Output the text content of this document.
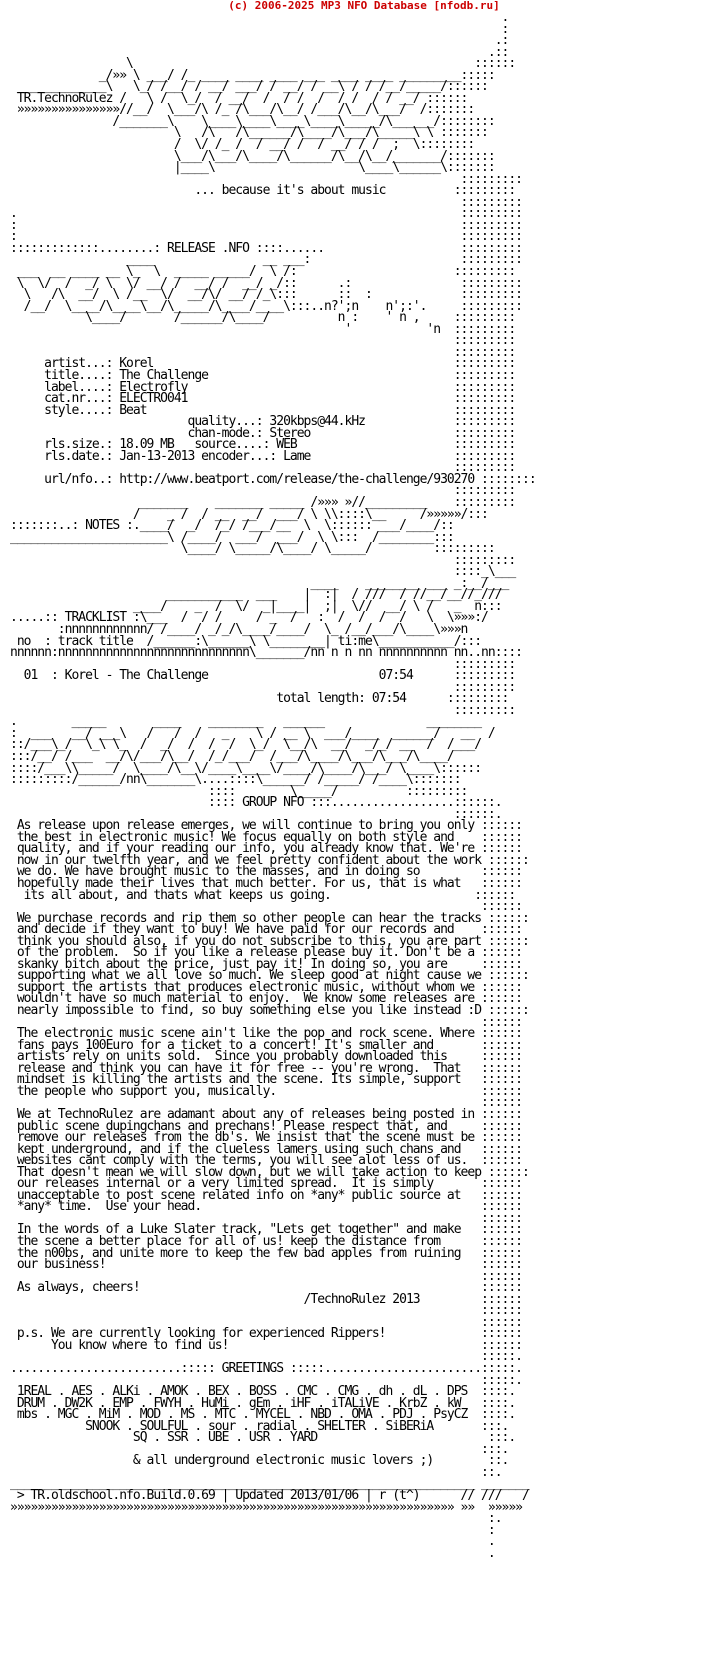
(c) 2006-2025 MP3 NFO Database [nfodb.ru]
.
:
.:
.::
\                                                  ::::::
_/»» \ ___/ /_ ____ ____ ____ ___ ____ ____ _________:::::
_____________\   \_/ /__/ / __/ ___/ / __/ / __\ / / /__/_____/::::::
TR.TechnoRulez /   \ /  \_/  / __/  /  / /  /  / /  / / __/ ::::::
»»»»»»»»»»»»»»»//__/  \___/\ /_ /\___/\__/ /___/\__/\___/  /:::::::
/_______\    \____\____\____\____\_____/\______/::::::::
\   /\   /\______/\____/\___/\_____\ \ :::::::
/  \/ /_ /  / __/ /  / __/ / /  ;  \::::::::
\___/\___/\____/\______/\__/\__/_______/:::::::
|____\                     \____\______\:::::::
:::::::::
... because it's about music          :::::::::
:::::::::
.                                                                 :::::::::
:                                                                 :::::::::
:                                                                 :::::::::
:::::::::::::........: RELEASE .NFO ::::......                    :::::::::
____                __ ___:                      :::::::::
___  __ ____ __ \_  \  _____ _____/  \ /:                       :::::::::
\  \/  /  _/ \  \/ __/ /  __/ /  __/ _/::      .:                :::::::::
\   /\  __/  \ /__  \/  __/\/ __/ /_\:::      ::  :             :::::::::
/__/  \____/\____\__/\_____/\____/____\:::..n?';n    n';:'.     :::::::::
\____/       /______/\____/          n :    ' n ,     :::::::::
'           'n  :::::::::
:::::::::
:::::::::
artist...: Korel                                            :::::::::
title....: The Challenge                                    :::::::::
label....: Electrofly                                       :::::::::
cat.nr...: ELECTRO041                                       :::::::::
style....: Beat                                             :::::::::
quality...: 320kbps@44.kHz             :::::::::
chan-mode.: Stereo                     :::::::::
rls.size.: 18.09 MB   source....: WEB                       :::::::::
rls.date.: Jan-13-2013 encoder...: Lame                     :::::::::
:::::::::
url/nfo..: http://www.beatport.com/release/the-challenge/930270 ::::::::
:::::::::
_______    _______ _____ /»»» »//_________    :::::::::
/    _ /  / __  __/  ___/ \ \\::::\__     /»»»»»/:::
:::::::..: NOTES :.____/  _/  /_/ /___/__  \  \:::::: ___/____/::
_______________________\ /____/  ___/  ___/  \ \:::  /________:::
\____/ \_____/\____/ \_____/         :::::::::
:::::::::
::::_\___
____    ________ ___ _:__/___
___________  ___    |  :|  / ///  / //__/__//_///
____/    _  /  \/  _|____|  ;|  \//  __/ \ /   _  n:::
.....:: TRACKLIST :\___  /  / /     / _  /   :  /  /  /  /   \  \»»»:/
:nnnnnnnnnnnn/ /____/ _/_/\____/____/  \_ /__/___/\____\»»»n
no  : track title  /______:\______\ \________| ti:me\___________/:::
nnnnnn:nnnnnnnnnnnnnnnnnnnnnnnnnnnn\_______/nn n n nn nnnnnnnnnn nn..nn::::
:::::::::
01  : Korel - The Challenge                         07:54      :::::::::
:::::::::
total length: 07:54      :::::::::
:::::::::
.        _____       ____    ________   ______               ________
:  ___   __/ ___\   /   /  /   _    \ / __ \  ___/____  ______/   __  /
::/___\_/  \_\ \_  /  _/  /  /  /  \_/  \__/\  __/  _/_/ __  /  /___/
:::/__/ /___  __/\/___/\__/  /_/___/  /___/\____/\___/\___/\____/
::::/___\\_____/  \____/\__\/____\____\/____/\____/\___/ \____\::::::
:::::::::/______/nn\_______\....::::\______/ /_____/ /____\:::::::
::::        \_____/          :::::::::
:::: GROUP NFO :::..................::::::.
::::::.
As release upon release emerges, we will continue to bring you only ::::::
the best in electronic music! We focus equally on both style and    ::::::
quality, and if your reading our info, you already know that. We're ::::::
now in our twelfth year, and we feel pretty confident about the work ::::::
we do. We have brought music to the masses, and in doing so         ::::::
hopefully made their lives that much better. For us, that is what   ::::::
its all about, and thats what keeps us going.                     ::::::
::::::
We purchase records and rip them so other people can hear the tracks ::::::
and decide if they want to buy! We have paid for our records and    ::::::
think you should also, if you do not subscribe to this, you are part ::::::
of the problem.  So if you like a release please buy it. Don't be a ::::::
skanky bitch about the price, just pay it! In doing so, you are     ::::::
supporting what we all love so much. We sleep good at night cause we ::::::
support the artists that produces electronic music, without whom we ::::::
wouldn't have so much material to enjoy.  We know some releases are ::::::
nearly impossible to find, so buy something else you like instead :D ::::::
::::::
The electronic music scene ain't like the pop and rock scene. Where ::::::
fans pays 100Euro for a ticket to a concert! It's smaller and       ::::::
artists rely on units sold.  Since you probably downloaded this     ::::::
release and think you can have it for free -- you're wrong.  That   ::::::
mindset is killing the artists and the scene. Its simple, support   ::::::
the people who support you, musically.                              ::::::
::::::
We at TechnoRulez are adamant about any of releases being posted in ::::::
public scene dupingchans and prechans! Please respect that, and     ::::::
remove our releases from the db's. We insist that the scene must be ::::::
kept underground, and if the clueless lamers using such chans and   ::::::
websites cant comply with the terms, you will see alot less of us.  ::::::
That doesn't mean we will slow down, but we will take action to keep ::::::
our releases internal or a very limited spread.  It is simply       ::::::
unacceptable to post scene related info on *any* public source at   ::::::
*any* time.  Use your head.                                         ::::::
::::::
In the words of a Luke Slater track, "Lets get together" and make   ::::::
the scene a better place for all of us! keep the distance from      ::::::
the n00bs, and unite more to keep the few bad apples from ruining   ::::::
our business!                                                       ::::::
::::::
As always, cheers!                                                  ::::::
/TechnoRulez 2013         ::::::
::::::
::::::
p.s. We are currently looking for experienced Rippers!              ::::::
You know where to find us!                                     ::::::
:::::.
.........................::::: GREETINGS :::::.......................:::::.
:::::.
1REAL . AES . ALKi . AMOK . BEX . BOSS . CMC . CMG . dh . dL . DPS  ::::.
DRUM . DW2K . EMP . FWYH . HuMi . gEm . iHF . iTALiVE . KrbZ . kW   ::::.
mbs . MGC . MiM . MOD . MS . MTC . MYCEL . NBD . OMA . PDJ . PsyCZ  ::::.
SNOOK . SOULFUL . sour . radial . SHELTER . SiBERiA       :::.
SQ . SSR . UBE . USR . YARD                         :::.
:::.
& all underground electronic music lovers ;)        ::.
::.
____________________________________________________________________ _______
> TR.oldschool.nfo.Build.0.69 | Updated 2013/01/06 | r (t^)      // ///   /
»»»»»»»»»»»»»»»»»»»»»»»»»»»»»»»»»»»»»»»»»»»»»»»»»»»»»»»»»»»»»»»»» »»  »»»»»
:.
:
.
.
